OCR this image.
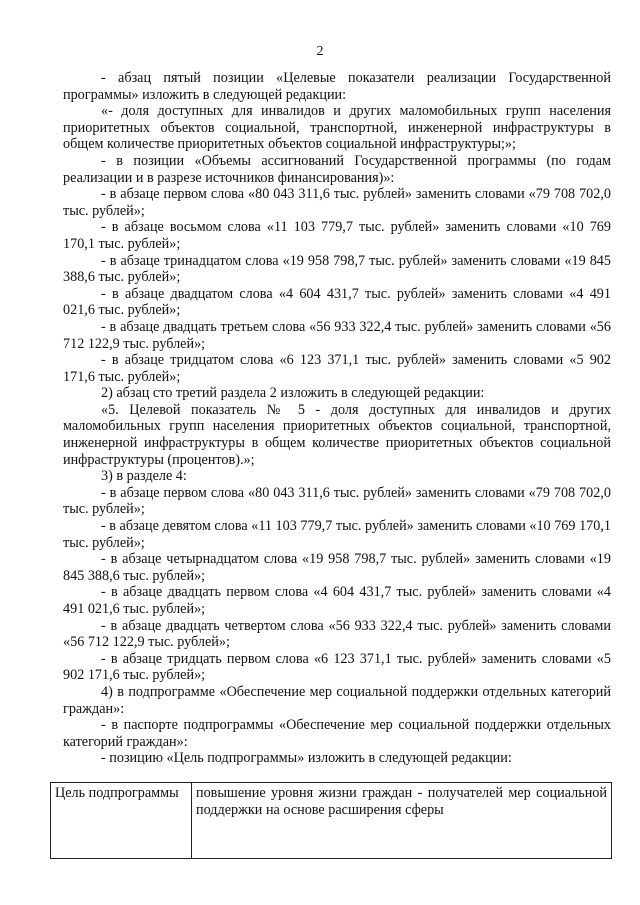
2

- абзац пятый позиции «Целевые показатели реализации Государственной программы» изложить в следующей редакции:

«- доля доступных для инвалидов и других маломобильных групп населения приоритетных объектов социальной, транспортной, инженерной инфраструктуры в общем количестве приоритетных объектов социальной инфраструктуры;»;

- в позиции «Объемы ассигнований Государственной программы (по годам реализации и в разрезе источников финансирования)»:

- в абзаце первом слова «80 043 311,6 тыс. рублей» заменить словами «79 708 702,0 тыс. рублей»;

- в абзаце восьмом слова «11 103 779,7 тыс. рублей» заменить словами «10 769 170,1 тыс. рублей»;

- в абзаце тринадцатом слова «19 958 798,7 тыс. рублей» заменить словами «19 845 388,6 тыс. рублей»;

- в абзаце двадцатом слова «4 604 431,7 тыс. рублей» заменить словами «4 491 021,6 тыс. рублей»;

- в абзаце двадцать третьем слова «56 933 322,4 тыс. рублей» заменить словами «56 712 122,9 тыс. рублей»;

- в абзаце тридцатом слова «6 123 371,1 тыс. рублей» заменить словами «5 902 171,6 тыс. рублей»;

2) абзац сто третий раздела 2 изложить в следующей редакции:

«5. Целевой показатель № 5 - доля доступных для инвалидов и других маломобильных групп населения приоритетных объектов социальной, транспортной, инженерной инфраструктуры в общем количестве приоритетных объектов социальной инфраструктуры (процентов).»;

3) в разделе 4:

- в абзаце первом слова «80 043 311,6 тыс. рублей» заменить словами «79 708 702,0 тыс. рублей»;

- в абзаце девятом слова «11 103 779,7 тыс. рублей» заменить словами «10 769 170,1 тыс. рублей»;

- в абзаце четырнадцатом слова «19 958 798,7 тыс. рублей» заменить словами «19 845 388,6 тыс. рублей»;

- в абзаце двадцать первом слова «4 604 431,7 тыс. рублей» заменить словами «4 491 021,6 тыс. рублей»;

- в абзаце двадцать четвертом слова «56 933 322,4 тыс. рублей» заменить словами «56 712 122,9 тыс. рублей»;

- в абзаце тридцать первом слова «6 123 371,1 тыс. рублей» заменить словами «5 902 171,6 тыс. рублей»;

4) в подпрограмме «Обеспечение мер социальной поддержки отдельных категорий граждан»:

- в паспорте подпрограммы «Обеспечение мер социальной поддержки отдельных категорий граждан»:

- позицию «Цель подпрограммы» изложить в следующей редакции:

Цель подпрограммы	повышение уровня жизни граждан - получателей мер социальной поддержки на основе расширения сферы
